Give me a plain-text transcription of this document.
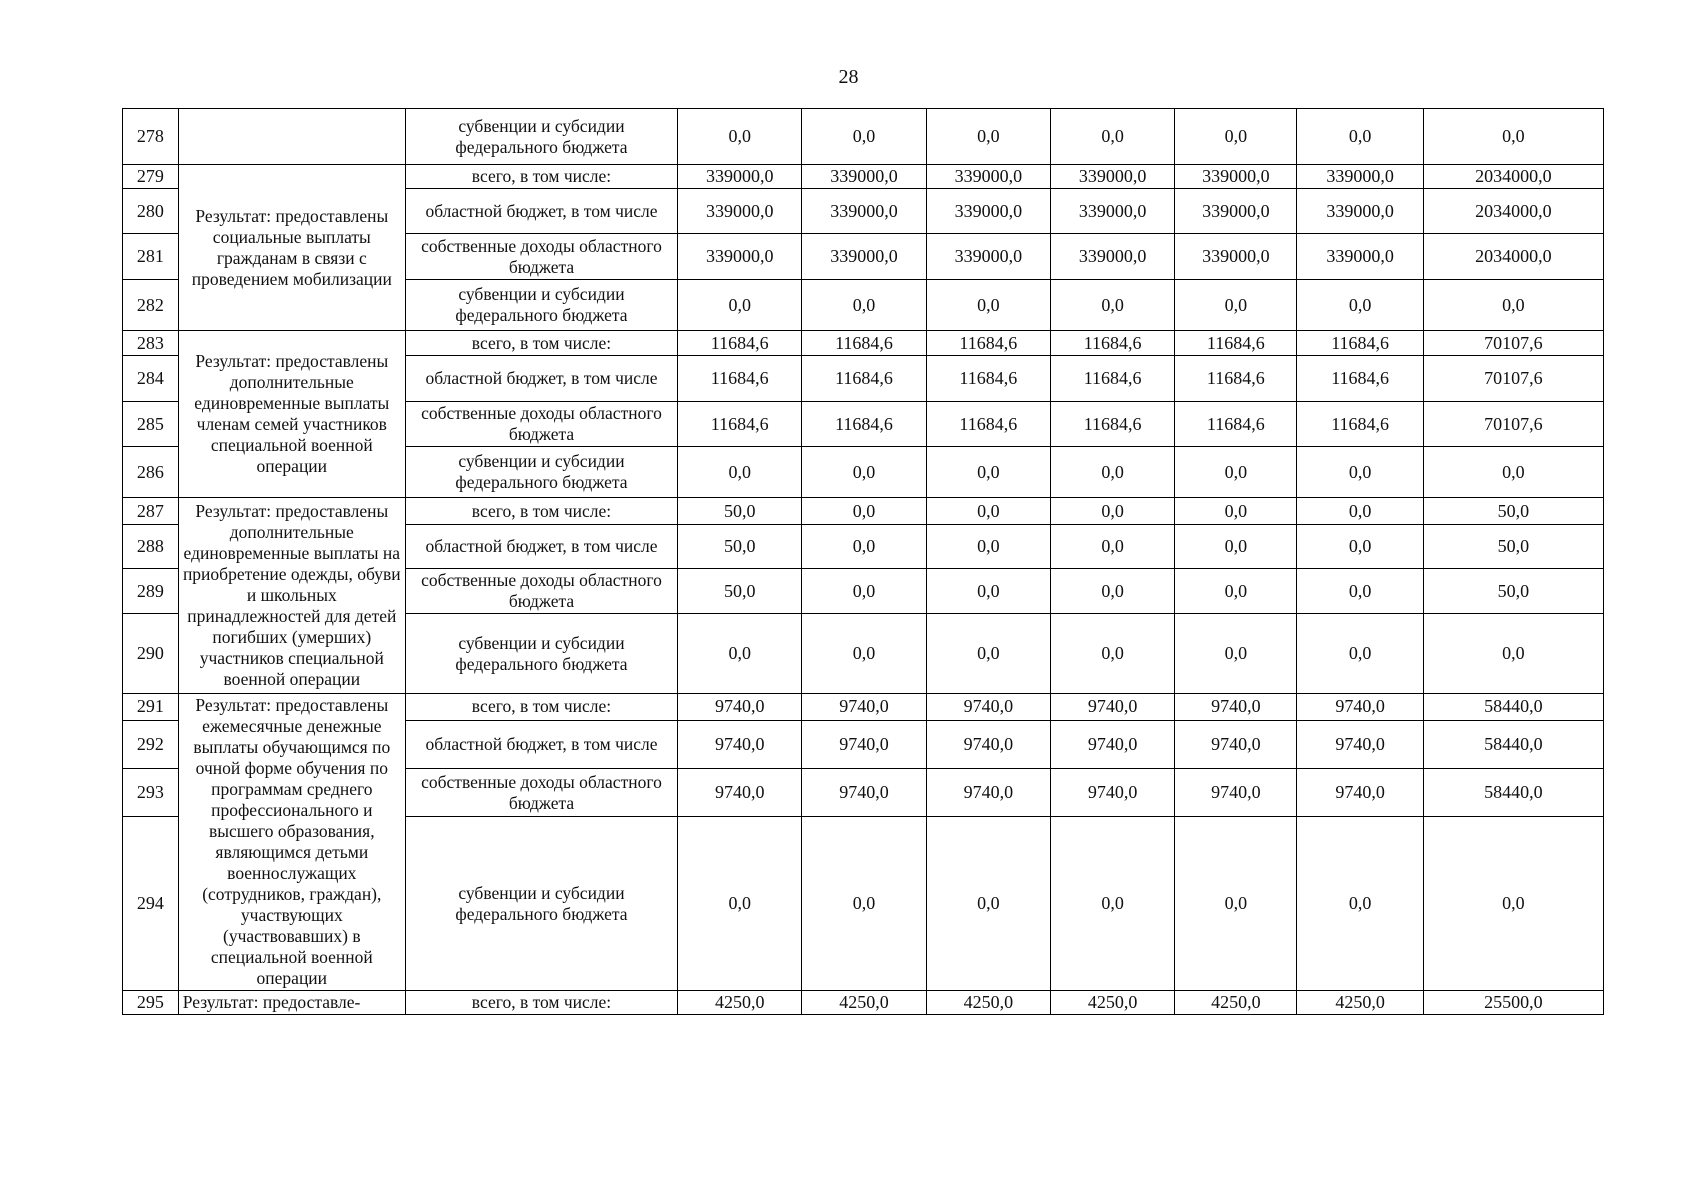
28
278		субвенции и субсидии федерального бюджета	0,0	0,0	0,0	0,0	0,0	0,0	0,0
279	Результат: предоставлены социальные выплаты гражданам в связи с проведением мобилизации	всего, в том числе:	339000,0	339000,0	339000,0	339000,0	339000,0	339000,0	2034000,0
280		областной бюджет, в том числе	339000,0	339000,0	339000,0	339000,0	339000,0	339000,0	2034000,0
281		собственные доходы областного бюджета	339000,0	339000,0	339000,0	339000,0	339000,0	339000,0	2034000,0
282		субвенции и субсидии федерального бюджета	0,0	0,0	0,0	0,0	0,0	0,0	0,0
283	Результат: предоставлены дополнительные единовременные выплаты членам семей участников специальной военной операции	всего, в том числе:	11684,6	11684,6	11684,6	11684,6	11684,6	11684,6	70107,6
284		областной бюджет, в том числе	11684,6	11684,6	11684,6	11684,6	11684,6	11684,6	70107,6
285		собственные доходы областного бюджета	11684,6	11684,6	11684,6	11684,6	11684,6	11684,6	70107,6
286		субвенции и субсидии федерального бюджета	0,0	0,0	0,0	0,0	0,0	0,0	0,0
287	Результат: предоставлены дополнительные единовременные выплаты на приобретение одежды, обуви и школьных принадлежностей для детей погибших (умерших) участников специальной военной операции	всего, в том числе:	50,0	0,0	0,0	0,0	0,0	0,0	50,0
288		областной бюджет, в том числе	50,0	0,0	0,0	0,0	0,0	0,0	50,0
289		собственные доходы областного бюджета	50,0	0,0	0,0	0,0	0,0	0,0	50,0
290		субвенции и субсидии федерального бюджета	0,0	0,0	0,0	0,0	0,0	0,0	0,0
291	Результат: предоставлены ежемесячные денежные выплаты обучающимся по очной форме обучения по программам среднего профессионального и высшего образования, являющимся детьми военнослужащих (сотрудников, граждан), участвующих (участвовавших) в специальной военной операции	всего, в том числе:	9740,0	9740,0	9740,0	9740,0	9740,0	9740,0	58440,0
292		областной бюджет, в том числе	9740,0	9740,0	9740,0	9740,0	9740,0	9740,0	58440,0
293		собственные доходы областного бюджета	9740,0	9740,0	9740,0	9740,0	9740,0	9740,0	58440,0
294		субвенции и субсидии федерального бюджета	0,0	0,0	0,0	0,0	0,0	0,0	0,0
295	Результат: предоставле-	всего, в том числе:	4250,0	4250,0	4250,0	4250,0	4250,0	4250,0	25500,0
